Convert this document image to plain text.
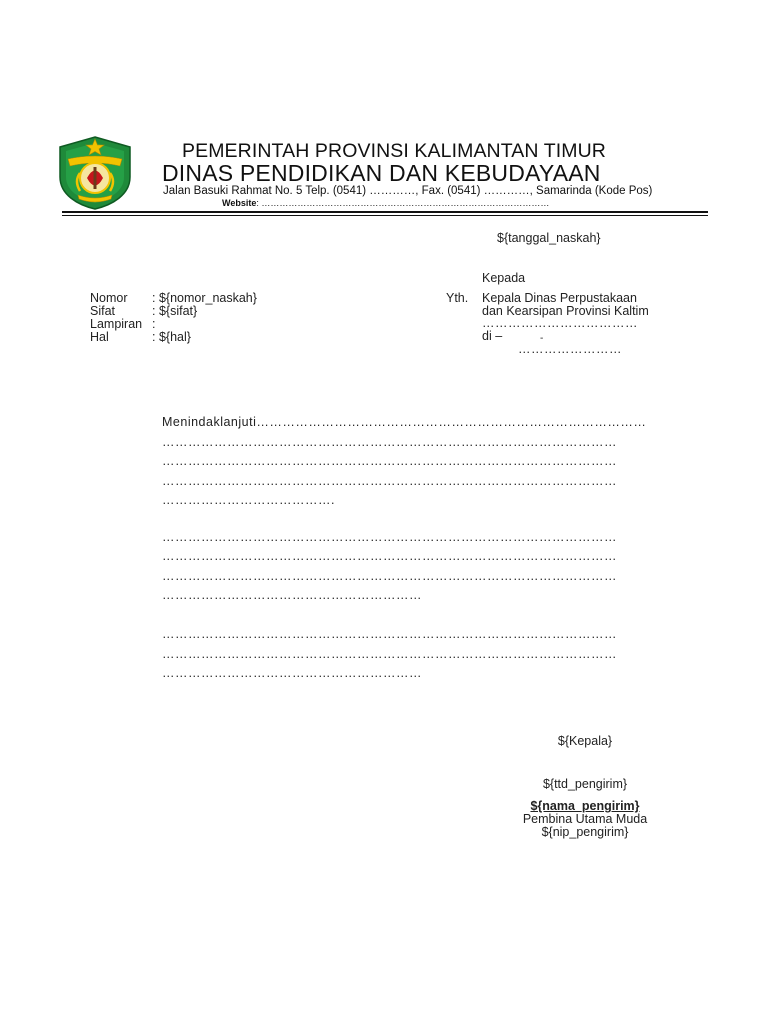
PEMERINTAH PROVINSI KALIMANTAN TIMUR
DINAS PENDIDIKAN DAN KEBUDAYAAN
Jalan Basuki Rahmat No. 5 Telp. (0541) …………, Fax. (0541) …………, Samarinda (Kode Pos)
Website: ……………………………………………………………………………………
${tanggal_naskah}
Kepada
Yth. Kepala Dinas Perpustakaan
dan Kearsipan Provinsi Kaltim
………………………………
di –	-
……………………
Nomor : ${nomor_naskah}
Sifat	: ${sifat}
Lampiran :
Hal	: ${hal}
Menindaklanjuti………………………………………………………………………………
……………………………………………………………………………………………
……………………………………………………………………………………………
……………………………………………………………………………………………
………………………………….
……………………………………………………………………………………………
……………………………………………………………………………………………
……………………………………………………………………………………………
……………………………………………………
……………………………………………………………………………………………
……………………………………………………………………………………………
……………………………………………………
${Kepala}
${ttd_pengirim}
${nama_pengirim}
Pembina Utama Muda
${nip_pengirim}
